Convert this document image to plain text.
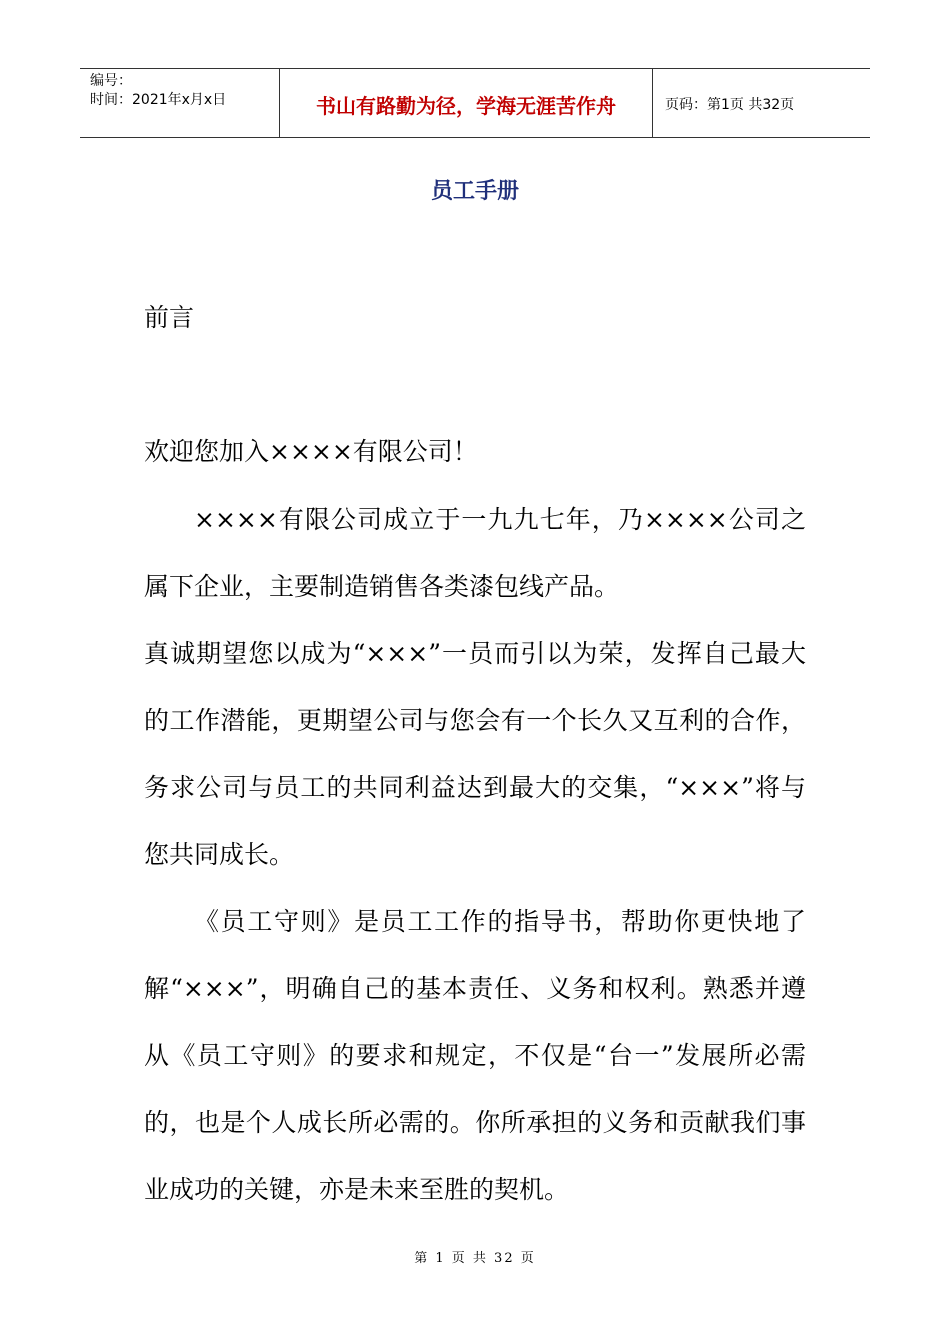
编号：
时间：2021年x月x日	书山有路勤为径，学海无涯苦作舟	页码：第1页 共32页
员工手册
前言

欢迎您加入××××有限公司！

××××有限公司成立于一九九七年，乃××××公司之属下企业，主要制造销售各类漆包线产品。

真诚期望您以成为“×××”一员而引以为荣，发挥自己最大的工作潜能，更期望公司与您会有一个长久又互利的合作，务求公司与员工的共同利益达到最大的交集，“×××”将与您共同成长。

《员工守则》是员工工作的指导书，帮助你更快地了解“×××”，明确自己的基本责任、义务和权利。熟悉并遵从《员工守则》的要求和规定，不仅是“台一”发展所必需的，也是个人成长所必需的。你所承担的义务和贡献我们事业成功的关键，亦是未来至胜的契机。

第 1 页 共 32 页
